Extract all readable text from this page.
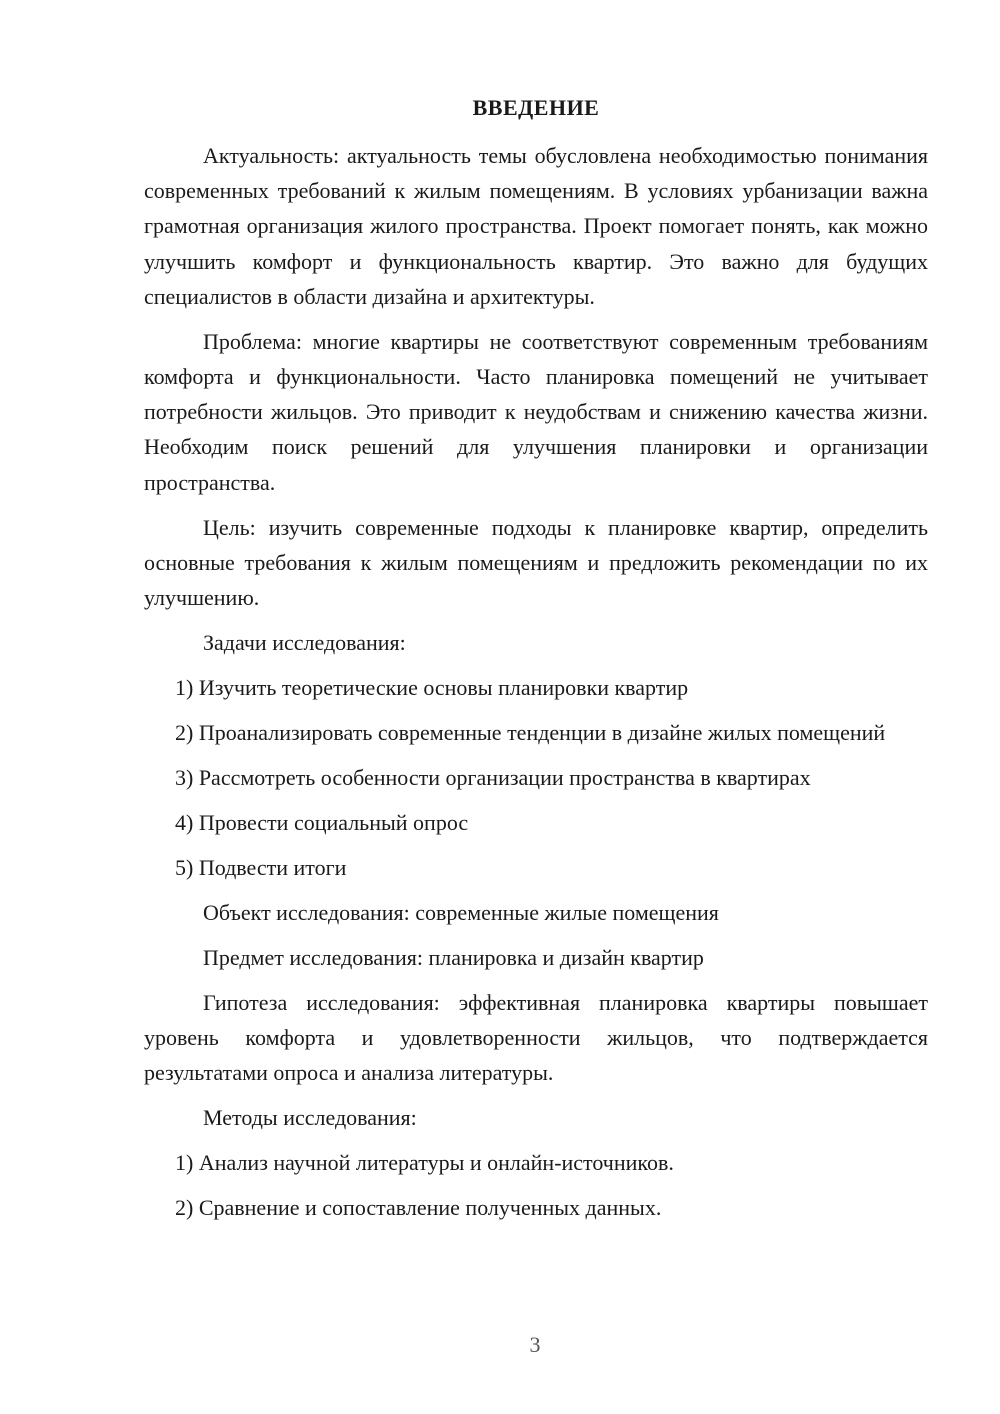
ВВЕДЕНИЕ

Актуальность: актуальность темы обусловлена необходимостью понимания современных требований к жилым помещениям. В условиях урбанизации важна грамотная организация жилого пространства. Проект помогает понять, как можно улучшить комфорт и функциональность квартир. Это важно для будущих специалистов в области дизайна и архитектуры.

Проблема: многие квартиры не соответствуют современным требованиям комфорта и функциональности. Часто планировка помещений не учитывает потребности жильцов. Это приводит к неудобствам и снижению качества жизни. Необходим поиск решений для улучшения планировки и организации пространства.

Цель: изучить современные подходы к планировке квартир, определить основные требования к жилым помещениям и предложить рекомендации по их улучшению.

Задачи исследования:

1) Изучить теоретические основы планировки квартир

2) Проанализировать современные тенденции в дизайне жилых помещений

3) Рассмотреть особенности организации пространства в квартирах

4) Провести социальный опрос

5) Подвести итоги

Объект исследования: современные жилые помещения

Предмет исследования: планировка и дизайн квартир

Гипотеза исследования: эффективная планировка квартиры повышает уровень комфорта и удовлетворенности жильцов, что подтверждается результатами опроса и анализа литературы.

Методы исследования:

1) Анализ научной литературы и онлайн-источников.

2) Сравнение и сопоставление полученных данных.

3
